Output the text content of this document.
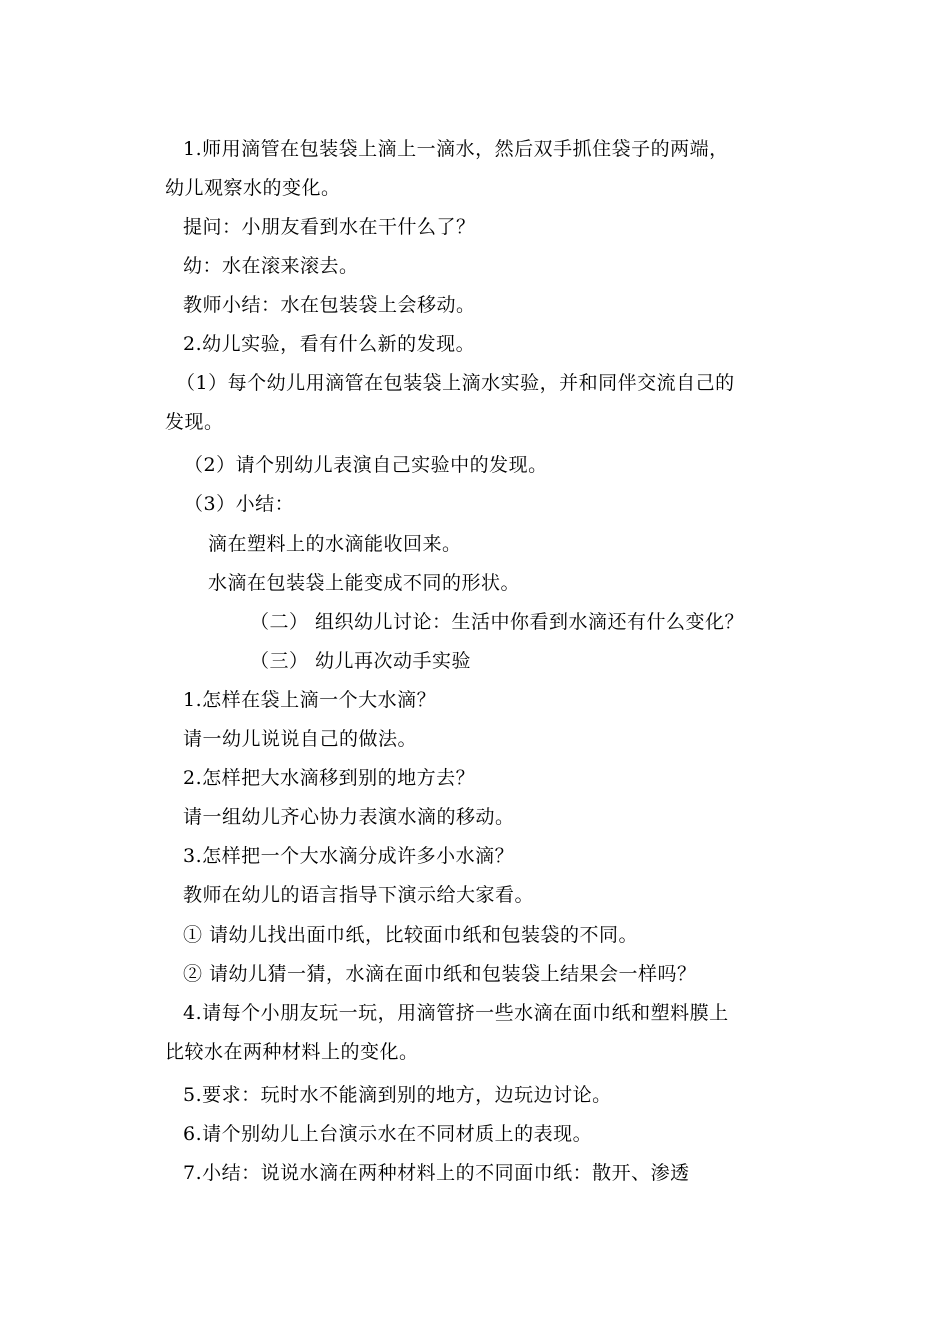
1.师用滴管在包装袋上滴上一滴水，然后双手抓住袋子的两端，
幼儿观察水的变化。
提问：小朋友看到水在干什么了？
幼：水在滚来滚去。
教师小结：水在包装袋上会移动。
2.幼儿实验，看有什么新的发现。
（1）每个幼儿用滴管在包装袋上滴水实验，并和同伴交流自己的
发现。
（2）请个别幼儿表演自己实验中的发现。
（3）小结：
滴在塑料上的水滴能收回来。
水滴在包装袋上能变成不同的形状。
（二） 组织幼儿讨论：生活中你看到水滴还有什么变化？
（三） 幼儿再次动手实验
1.怎样在袋上滴一个大水滴？
请一幼儿说说自己的做法。
2.怎样把大水滴移到别的地方去？
请一组幼儿齐心协力表演水滴的移动。
3.怎样把一个大水滴分成许多小水滴？
教师在幼儿的语言指导下演示给大家看。
① 请幼儿找出面巾纸，比较面巾纸和包装袋的不同。
② 请幼儿猜一猜，水滴在面巾纸和包装袋上结果会一样吗？
4.请每个小朋友玩一玩，用滴管挤一些水滴在面巾纸和塑料膜上
比较水在两种材料上的变化。
5.要求：玩时水不能滴到别的地方，边玩边讨论。
6.请个别幼儿上台演示水在不同材质上的表现。
7.小结：说说水滴在两种材料上的不同面巾纸：散开、渗透
